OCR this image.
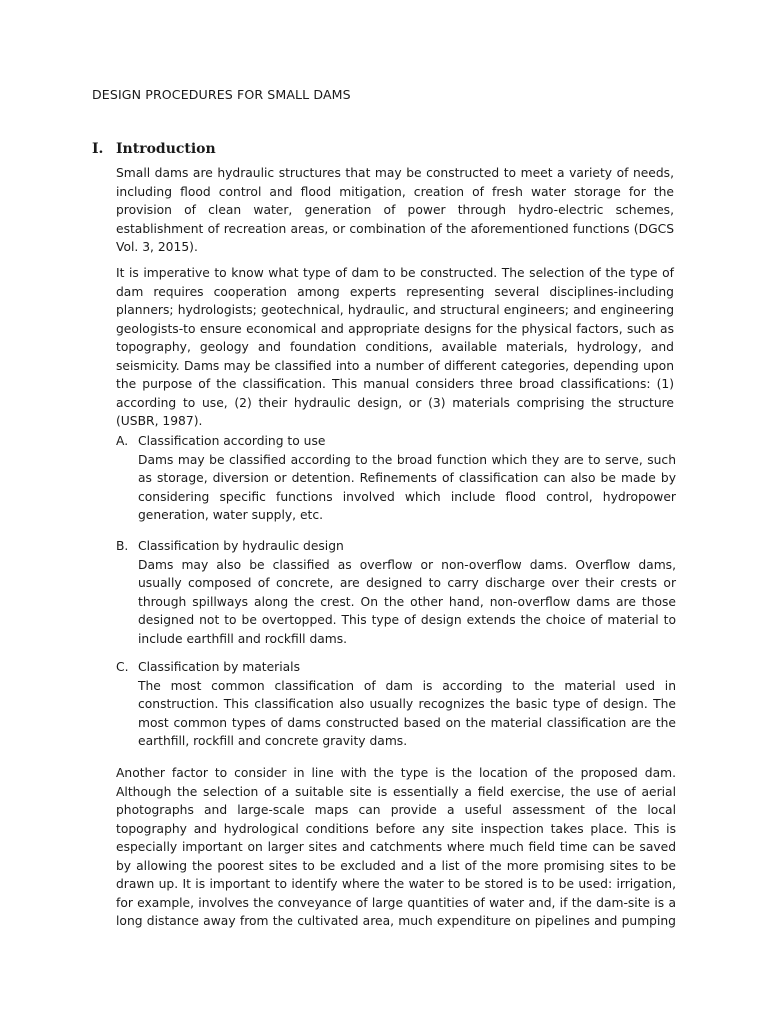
DESIGN PROCEDURES FOR SMALL DAMS
I. Introduction

Small dams are hydraulic structures that may be constructed to meet a variety of needs, including flood control and flood mitigation, creation of fresh water storage for the provision of clean water, generation of power through hydro-electric schemes, establishment of recreation areas, or combination of the aforementioned functions (DGCS Vol. 3, 2015).

It is imperative to know what type of dam to be constructed. The selection of the type of dam requires cooperation among experts representing several disciplines-including planners; hydrologists; geotechnical, hydraulic, and structural engineers; and engineering geologists-to ensure economical and appropriate designs for the physical factors, such as topography, geology and foundation conditions, available materials, hydrology, and seismicity. Dams may be classified into a number of different categories, depending upon the purpose of the classification. This manual considers three broad classifications: (1) according to use, (2) their hydraulic design, or (3) materials comprising the structure (USBR, 1987).

A. Classification according to use
Dams may be classified according to the broad function which they are to serve, such as storage, diversion or detention. Refinements of classification can also be made by considering specific functions involved which include flood control, hydropower generation, water supply, etc.
B. Classification by hydraulic design
Dams may also be classified as overflow or non-overflow dams. Overflow dams, usually composed of concrete, are designed to carry discharge over their crests or through spillways along the crest. On the other hand, non-overflow dams are those designed not to be overtopped. This type of design extends the choice of material to include earthfill and rockfill dams.
C. Classification by materials
The most common classification of dam is according to the material used in construction. This classification also usually recognizes the basic type of design. The most common types of dams constructed based on the material classification are the earthfill, rockfill and concrete gravity dams.

Another factor to consider in line with the type is the location of the proposed dam. Although the selection of a suitable site is essentially a field exercise, the use of aerial photographs and large-scale maps can provide a useful assessment of the local topography and hydrological conditions before any site inspection takes place. This is especially important on larger sites and catchments where much field time can be saved by allowing the poorest sites to be excluded and a list of the more promising sites to be drawn up. It is important to identify where the water to be stored is to be used: irrigation, for example, involves the conveyance of large quantities of water and, if the dam-site is a long distance away from the cultivated area, much expenditure on pipelines and pumping
